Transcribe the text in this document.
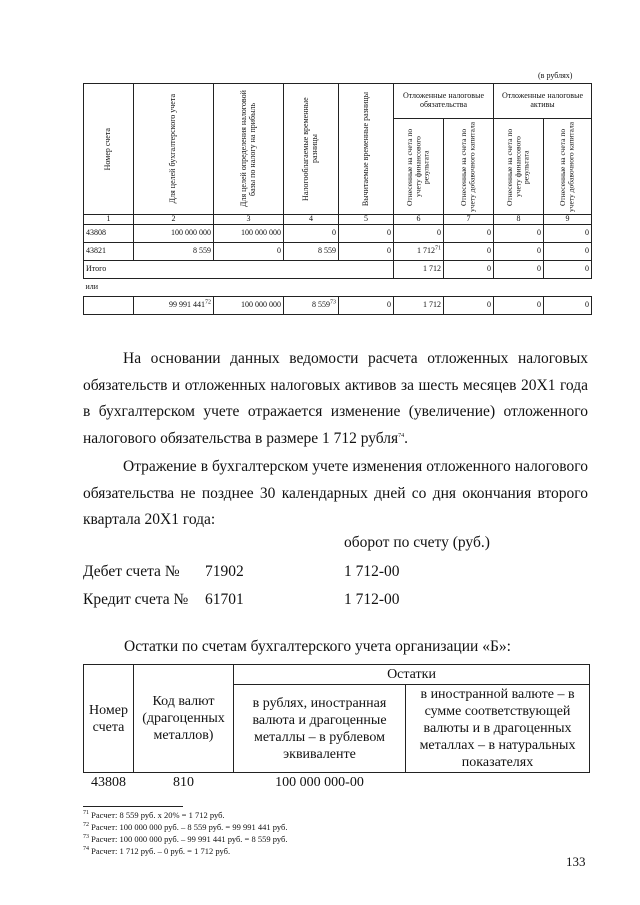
(в рублях)
Номер счета	Для целей бухгалтерского учета	Для целей определения налоговой базы по налогу на прибыль	Налогооблагаемые временные разницы	Вычитаемые временные разницы	Отложенные налоговые обязательства		Отложенные налоговые активы	

					Отнесенные на счета по учету финансового результата	Отнесенные на счета по учету добавочного капитала	Отнесенные на счета по учету финансового результата	Отнесенные на счета по учету добавочного капитала

1	2	3	4	5	6	7	8	9
43808	100 000 000	100 000 000	0	0	0	0	0	0
43821	8 559	0	8 559	0	1 $712^{71}$	0	0	0
Итого					1 712	0	0	0
или								
	99 991 $441^{72}$	100 000 000	8 $559^{73}$	0	1 712	0	0	0
На основании данных ведомости расчета отложенных налоговых обязательств и отложенных налоговых активов за шесть месяцев 20Х1 года в бухгалтерском учете отражается изменение (увеличение) отложенного налогового обязательства в размере 1 712 рубля$^{74}$.
Отражение в бухгалтерском учете изменения отложенного налогового обязательства не позднее 30 календарных дней со дня окончания второго квартала 20Х1 года:
оборот по счету (руб.)
Дебет счета № 71902	1 712-00
Кредит счета № 61701	1 712-00
Остатки по счетам бухгалтерского учета организации «Б»:
Номер счета	Код валют (драгоценных металлов)	Остатки	
		в рублях, иностранная валюта и драгоценные металлы – в рублевом эквиваленте	в иностранной валюте – в сумме соответствующей валюты и в драгоценных металлах – в натуральных показателях
43808	810	100 000 000-00	
$^{71}$ Расчет: 8 559 руб. х 20% = 1 712 руб.
$^{72}$ Расчет: 100 000 000 руб. – 8 559 руб. = 99 991 441 руб.
$^{73}$ Расчет: 100 000 000 руб. – 99 991 441 руб. = 8 559 руб.
$^{74}$ Расчет: 1 712 руб. – 0 руб. = 1 712 руб.
133
